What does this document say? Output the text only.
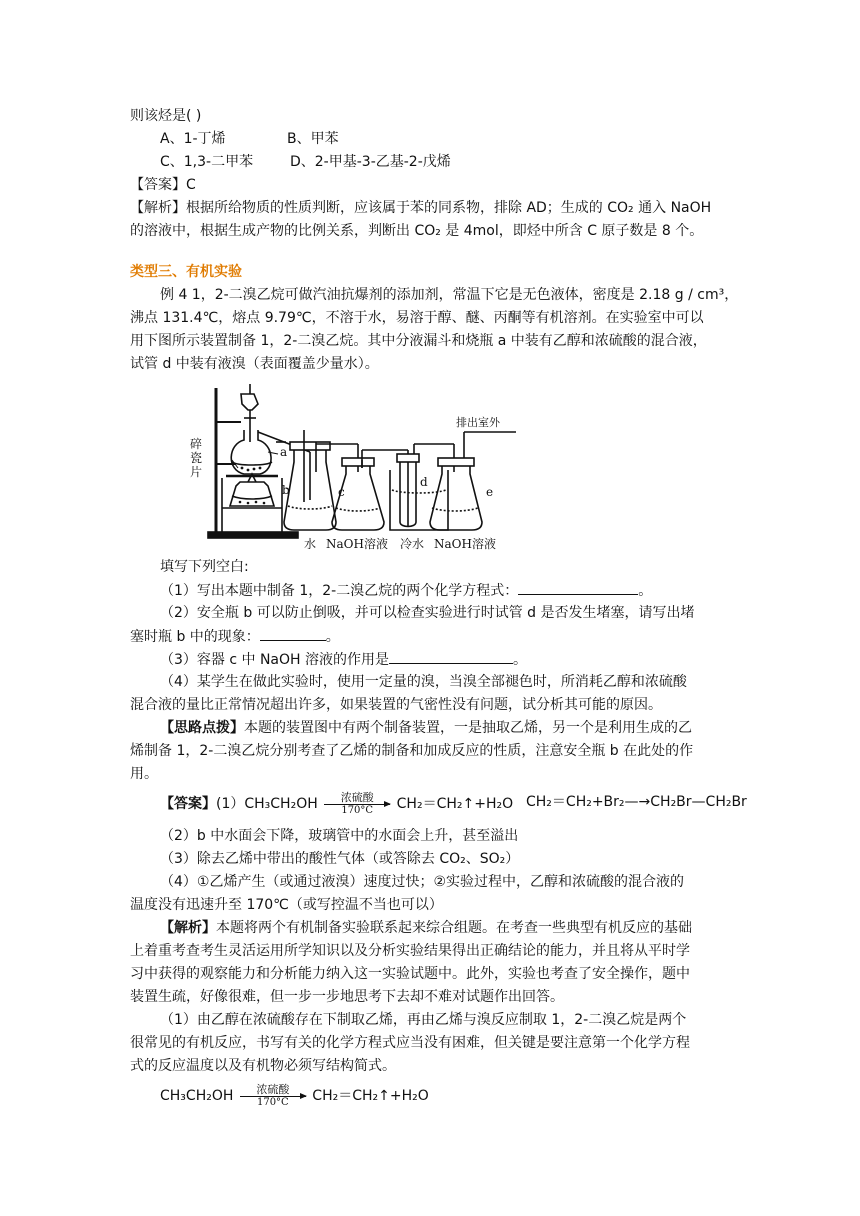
则该烃是( )
A、1-丁烯	B、甲苯
C、1,3-二甲苯	D、2-甲基-3-乙基-2-戊烯
【答案】C
【解析】根据所给物质的性质判断，应该属于苯的同系物，排除 AD；生成的 CO₂ 通入 NaOH
的溶液中，根据生成产物的比例关系，判断出 CO₂ 是 4mol，即烃中所含 C 原子数是 8 个。
类型三、有机实验
例 4 1，2-二溴乙烷可做汽油抗爆剂的添加剂，常温下它是无色液体，密度是 2.18 g / cm³，
沸点 131.4℃，熔点 9.79℃，不溶于水，易溶于醇、醚、丙酮等有机溶剂。在实验室中可以
用下图所示装置制备 1，2-二溴乙烷。其中分液漏斗和烧瓶 a 中装有乙醇和浓硫酸的混合液，
试管 d 中装有液溴（表面覆盖少量水）。
碎
瓷
片
a
b	c
d
e
排出室外
水 NaOH溶液 冷水 NaOH溶液
填写下列空白:
（1）写出本题中制备 1，2-二溴乙烷的两个化学方程式：	。
（2）安全瓶 b 可以防止倒吸，并可以检查实验进行时试管 d 是否发生堵塞，请写出堵
塞时瓶 b 中的现象：	。
（3）容器 c 中 NaOH 溶液的作用是	。
（4）某学生在做此实验时，使用一定量的溴，当溴全部褪色时，所消耗乙醇和浓硫酸
混合液的量比正常情况超出许多，如果装置的气密性没有问题，试分析其可能的原因。
【思路点拨】本题的装置图中有两个制备装置，一是抽取乙烯，另一个是利用生成的乙
烯制备 1，2-二溴乙烷分别考查了乙烯的制备和加成反应的性质，注意安全瓶 b 在此处的作
用。
【答案】(1）CH₃CH₂OH	浓硫酸
170°C	CH₂＝CH₂↑+H₂O CH₂＝CH₂+Br₂—→CH₂Br—CH₂Br
（2）b 中水面会下降，玻璃管中的水面会上升，甚至溢出
（3）除去乙烯中带出的酸性气体（或答除去 CO₂、SO₂）
（4）①乙烯产生（或通过液溴）速度过快；②实验过程中，乙醇和浓硫酸的混合液的
温度没有迅速升至 170℃（或写控温不当也可以）
【解析】本题将两个有机制备实验联系起来综合组题。在考查一些典型有机反应的基础
上着重考查考生灵活运用所学知识以及分析实验结果得出正确结论的能力，并且将从平时学
习中获得的观察能力和分析能力纳入这一实验试题中。此外，实验也考查了安全操作，题中
装置生疏，好像很难，但一步一步地思考下去却不难对试题作出回答。
（1）由乙醇在浓硫酸存在下制取乙烯，再由乙烯与溴反应制取 1，2-二溴乙烷是两个
很常见的有机反应，书写有关的化学方程式应当没有困难，但关键是要注意第一个化学方程
式的反应温度以及有机物必须写结构简式。
CH₃CH₂OH	浓硫酸
170°C	CH₂＝CH₂↑+H₂O
